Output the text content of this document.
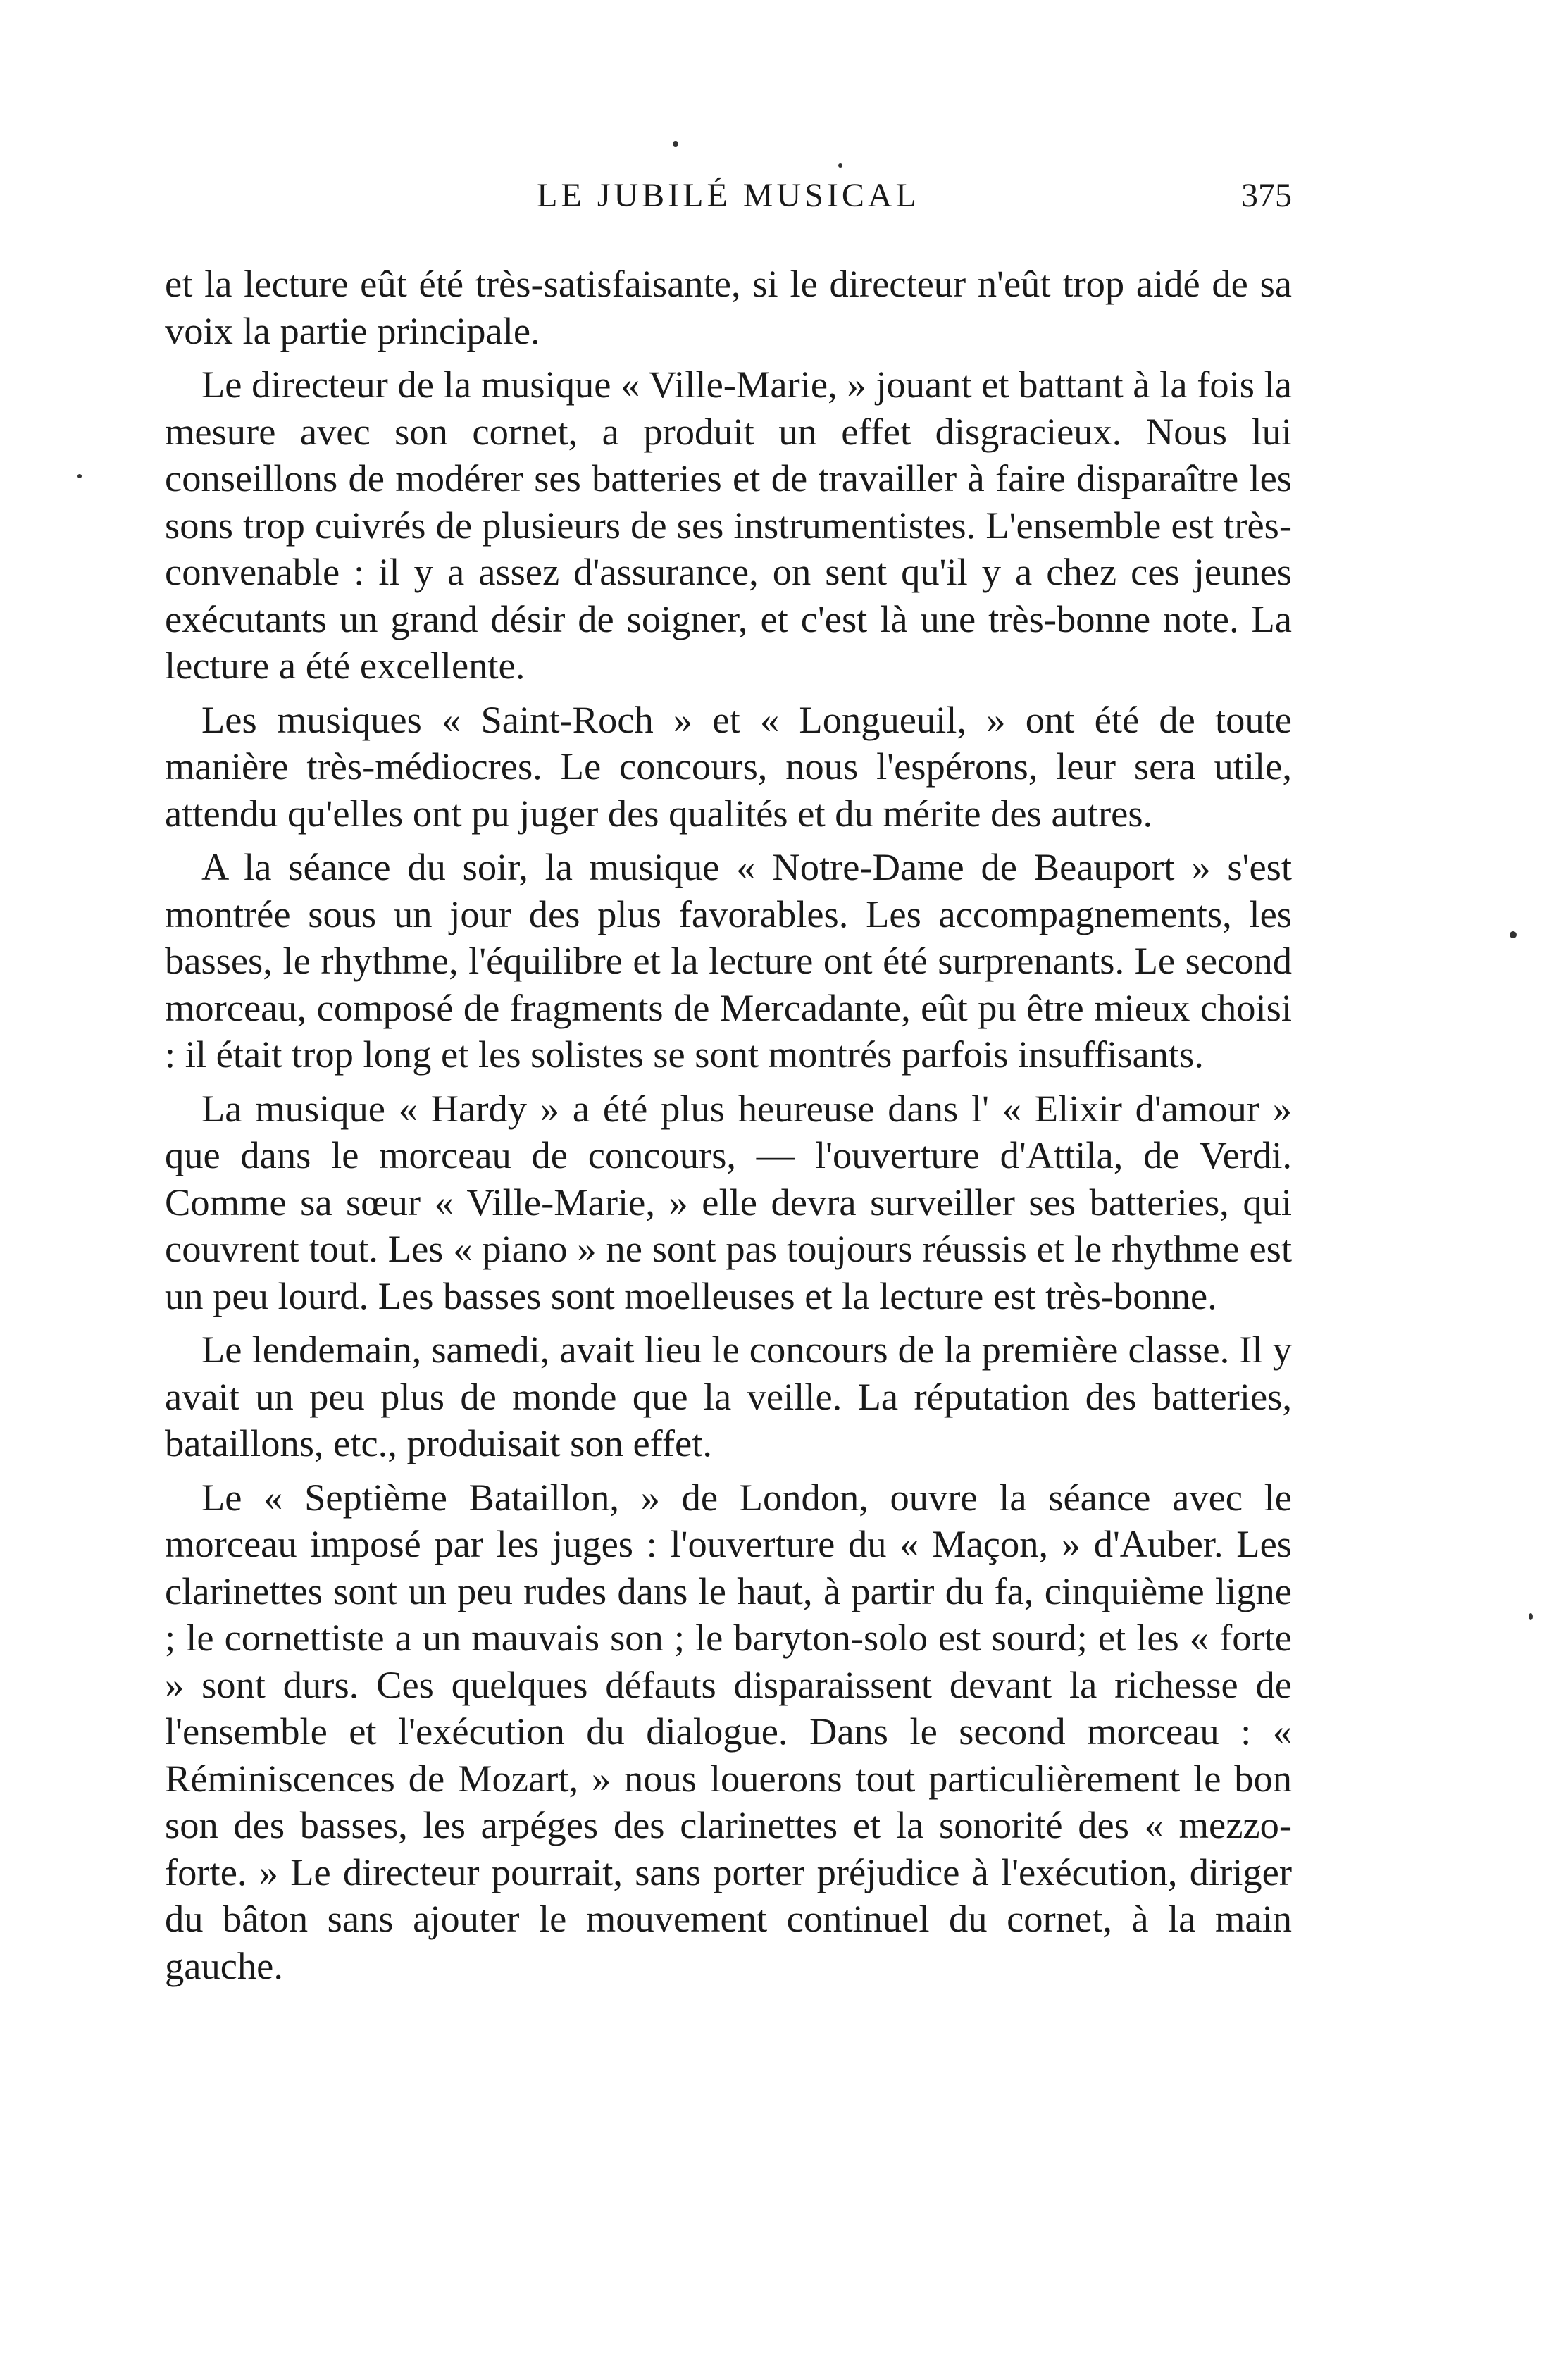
LE JUBILÉ MUSICAL	375

et la lecture eût été très-satisfaisante, si le directeur n'eût trop aidé de sa voix la partie principale.

Le directeur de la musique « Ville-Marie, » jouant et battant à la fois la mesure avec son cornet, a produit un effet disgracieux. Nous lui conseillons de modérer ses batteries et de travailler à faire disparaître les sons trop cuivrés de plusieurs de ses instrumentistes. L'ensemble est très-convenable : il y a assez d'assurance, on sent qu'il y a chez ces jeunes exécutants un grand désir de soigner, et c'est là une très-bonne note. La lecture a été excellente.

Les musiques « Saint-Roch » et « Longueuil, » ont été de toute manière très-médiocres. Le concours, nous l'espérons, leur sera utile, attendu qu'elles ont pu juger des qualités et du mérite des autres.

A la séance du soir, la musique « Notre-Dame de Beauport » s'est montrée sous un jour des plus favorables. Les accompagnements, les basses, le rhythme, l'équilibre et la lecture ont été surprenants. Le second morceau, composé de fragments de Mercadante, eût pu être mieux choisi : il était trop long et les solistes se sont montrés parfois insuffisants.

La musique « Hardy » a été plus heureuse dans l' « Elixir d'amour » que dans le morceau de concours, — l'ouverture d'Attila, de Verdi. Comme sa sœur « Ville-Marie, » elle devra surveiller ses batteries, qui couvrent tout. Les « piano » ne sont pas toujours réussis et le rhythme est un peu lourd. Les basses sont moelleuses et la lecture est très-bonne.

Le lendemain, samedi, avait lieu le concours de la première classe. Il y avait un peu plus de monde que la veille. La réputation des batteries, bataillons, etc., produisait son effet.

Le « Septième Bataillon, » de London, ouvre la séance avec le morceau imposé par les juges : l'ouverture du « Maçon, » d'Auber. Les clarinettes sont un peu rudes dans le haut, à partir du fa, cinquième ligne ; le cornettiste a un mauvais son ; le baryton-solo est sourd; et les « forte » sont durs. Ces quelques défauts disparaissent devant la richesse de l'ensemble et l'exécution du dialogue. Dans le second morceau : « Réminiscences de Mozart, » nous louerons tout particulièrement le bon son des basses, les arpéges des clarinettes et la sonorité des « mezzo-forte. » Le directeur pourrait, sans porter préjudice à l'exécution, diriger du bâton sans ajouter le mouvement continuel du cornet, à la main gauche.
